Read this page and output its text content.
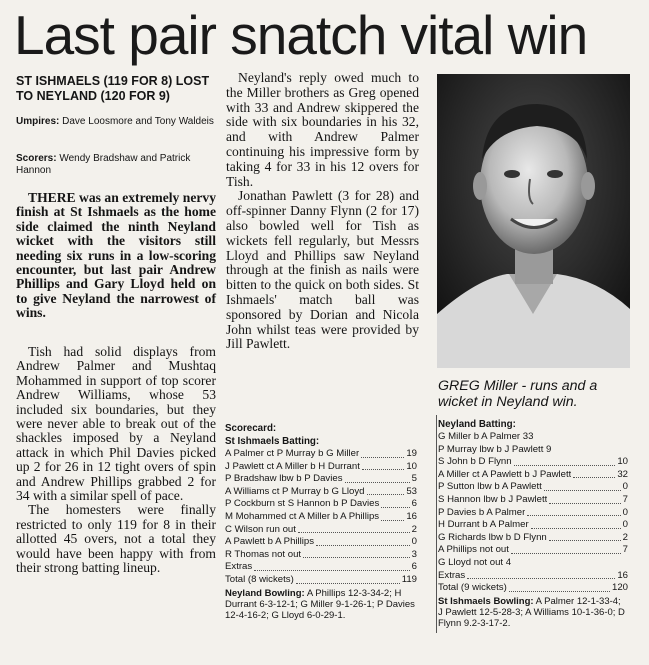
Last pair snatch vital win
ST ISHMAELS (119 FOR 8) LOST TO NEYLAND (120 FOR 9)
Umpires: Dave Loosmore and Tony Waldeis
Scorers: Wendy Bradshaw and Patrick Hannon

THERE was an extremely nervy finish at St Ishmaels as the home side claimed the ninth Neyland wicket with the visitors still needing six runs in a low-scoring encounter, but last pair Andrew Phillips and Gary Lloyd held on to give Neyland the narrowest of wins.

Tish had solid displays from Andrew Palmer and Mushtaq Mohammed in support of top scorer Andrew Williams, whose 53 included six boundaries, but they were never able to break out of the shackles imposed by a Neyland attack in which Phil Davies picked up 2 for 26 in 12 tight overs of spin and Andrew Phillips grabbed 2 for 34 with a similar spell of pace.

The homesters were finally restricted to only 119 for 8 in their allotted 45 overs, not a total they would have been happy with from their strong batting lineup.

Neyland's reply owed much to the Miller brothers as Greg opened with 33 and Andrew skippered the side with six boundaries in his 32, and with Andrew Palmer continuing his impressive form by taking 4 for 33 in his 12 overs for Tish.

Jonathan Pawlett (3 for 28) and off-spinner Danny Flynn (2 for 17) also bowled well for Tish as wickets fell regularly, but Messrs Lloyd and Phillips saw Neyland through at the finish as nails were bitten to the quick on both sides. St Ishmaels' match ball was sponsored by Dorian and Nicola John whilst teas were provided by Jill Pawlett.

GREG Miller - runs and a wicket in Neyland win.
Scorecard:
St Ishmaels Batting:
A Palmer ct P Murray b G Miller	19
J Pawlett ct A Miller b H Durrant	10
P Bradshaw lbw b P Davies	5
A Williams ct P Murray b G Lloyd	53
P Cockburn st S Hannon b P Davies	6
M Mohammed ct A Miller b A Phillips	16
C Wilson run out	2
A Pawlett b A Phillips	0
R Thomas not out	3
Extras	6
Total (8 wickets)	119
Neyland Bowling: A Phillips 12-3-34-2; H Durrant 6-3-12-1; G Miller 9-1-26-1; P Davies 12-4-16-2; G Lloyd 6-0-29-1.
Neyland Batting:
G Miller b A Palmer 33
P Murray lbw b J Pawlett 9
S John b D Flynn	10
A Miller ct A Pawlett b J Pawlett	32
P Sutton lbw b A Pawlett	0
S Hannon lbw b J Pawlett	7
P Davies b A Palmer	0
H Durrant b A Palmer	0
G Richards lbw b D Flynn	2
A Phillips not out	7
G Lloyd not out 4
Extras	16
Total (9 wickets)	120
St Ishmaels Bowling: A Palmer 12-1-33-4; J Pawlett 12-5-28-3; A Williams 10-1-36-0; D Flynn 9.2-3-17-2.
